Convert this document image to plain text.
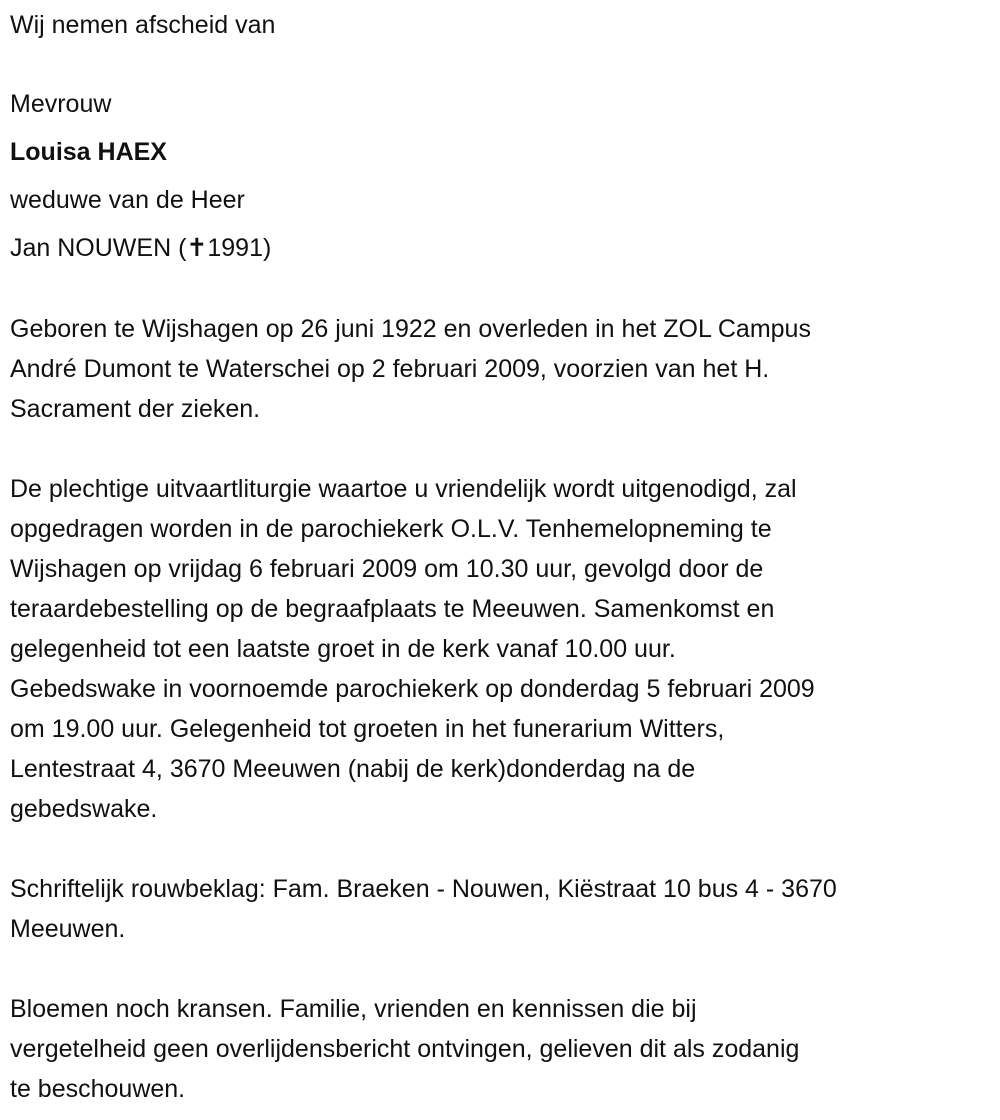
Wij nemen afscheid van
Mevrouw
Louisa HAEX
weduwe van de Heer
Jan NOUWEN (✝1991)
Geboren te Wijshagen op 26 juni 1922 en overleden in het ZOL Campus
André Dumont te Waterschei op 2 februari 2009, voorzien van het H.
Sacrament der zieken.
De plechtige uitvaartliturgie waartoe u vriendelijk wordt uitgenodigd, zal
opgedragen worden in de parochiekerk O.L.V. Tenhemelopneming te
Wijshagen op vrijdag 6 februari 2009 om 10.30 uur, gevolgd door de
teraardebestelling op de begraafplaats te Meeuwen. Samenkomst en
gelegenheid tot een laatste groet in de kerk vanaf 10.00 uur.
Gebedswake in voornoemde parochiekerk op donderdag 5 februari 2009
om 19.00 uur. Gelegenheid tot groeten in het funerarium Witters,
Lentestraat 4, 3670 Meeuwen (nabij de kerk)donderdag na de
gebedswake.
Schriftelijk rouwbeklag: Fam. Braeken - Nouwen, Kiëstraat 10 bus 4 - 3670
Meeuwen.
Bloemen noch kransen. Familie, vrienden en kennissen die bij
vergetelheid geen overlijdensbericht ontvingen, gelieven dit als zodanig
te beschouwen.
